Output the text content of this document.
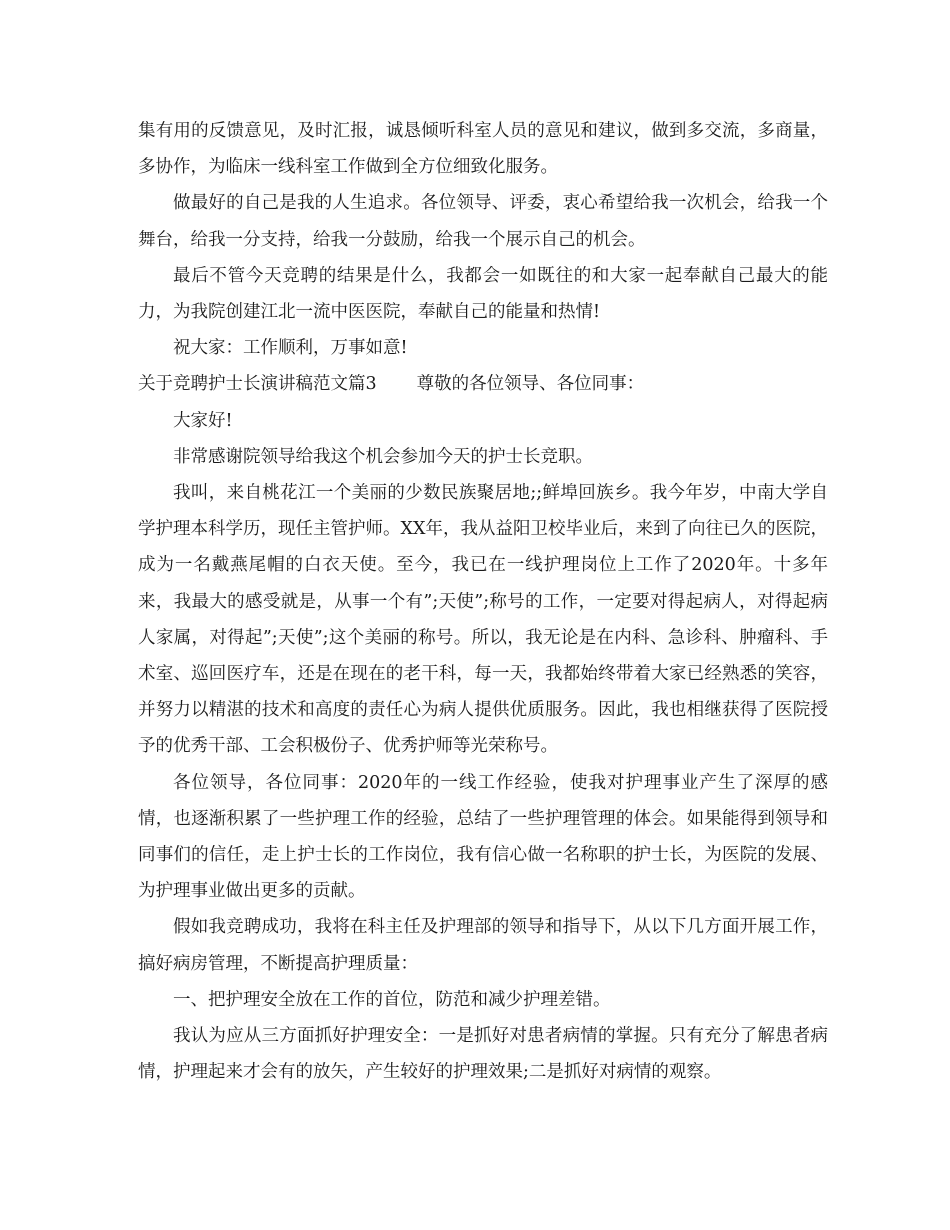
集有用的反馈意见，及时汇报，诚恳倾听科室人员的意见和建议，做到多交流，多商量，多协作，为临床一线科室工作做到全方位细致化服务。

做最好的自己是我的人生追求。各位领导、评委，衷心希望给我一次机会，给我一个舞台，给我一分支持，给我一分鼓励，给我一个展示自己的机会。

最后不管今天竞聘的结果是什么，我都会一如既往的和大家一起奉献自己最大的能力，为我院创建江北一流中医医院，奉献自己的能量和热情!

祝大家：工作顺利，万事如意!

关于竞聘护士长演讲稿范文篇3 尊敬的各位领导、各位同事：

大家好!

非常感谢院领导给我这个机会参加今天的护士长竞职。

我叫，来自桃花江一个美丽的少数民族聚居地;;鲜埠回族乡。我今年岁，中南大学自学护理本科学历，现任主管护师。XX年，我从益阳卫校毕业后，来到了向往已久的医院，成为一名戴燕尾帽的白衣天使。至今，我已在一线护理岗位上工作了2020年。十多年来，我最大的感受就是，从事一个有”;天使”;称号的工作，一定要对得起病人，对得起病人家属，对得起”;天使”;这个美丽的称号。所以，我无论是在内科、急诊科、肿瘤科、手术室、巡回医疗车，还是在现在的老干科，每一天，我都始终带着大家已经熟悉的笑容，并努力以精湛的技术和高度的责任心为病人提供优质服务。因此，我也相继获得了医院授予的优秀干部、工会积极份子、优秀护师等光荣称号。

各位领导，各位同事：2020年的一线工作经验，使我对护理事业产生了深厚的感情，也逐渐积累了一些护理工作的经验，总结了一些护理管理的体会。如果能得到领导和同事们的信任，走上护士长的工作岗位，我有信心做一名称职的护士长，为医院的发展、为护理事业做出更多的贡献。

假如我竞聘成功，我将在科主任及护理部的领导和指导下，从以下几方面开展工作，搞好病房管理，不断提高护理质量：

一、把护理安全放在工作的首位，防范和减少护理差错。

我认为应从三方面抓好护理安全：一是抓好对患者病情的掌握。只有充分了解患者病情，护理起来才会有的放矢，产生较好的护理效果;二是抓好对病情的观察。
